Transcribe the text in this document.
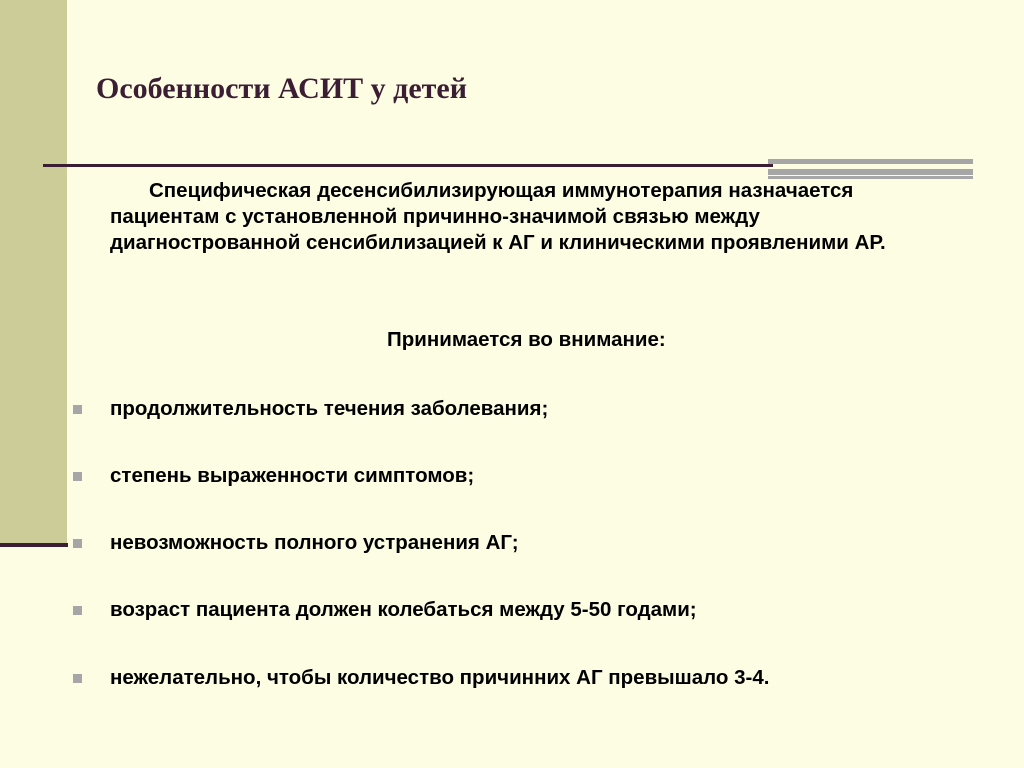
Особенности АСИТ у детей

Специфическая десенсибилизирующая иммунотерапия назначается пациентам с установленной причинно-значимой связью между диагнострованной сенсибилизацией к АГ и клиническими проявленими АР.

Принимается во внимание:

продолжительность течения заболевания;
степень выраженности симптомов;
невозможность полного устранения АГ;
возраст пациента должен колебаться между 5-50 годами;
нежелательно, чтобы количество причинних АГ превышало 3-4.
